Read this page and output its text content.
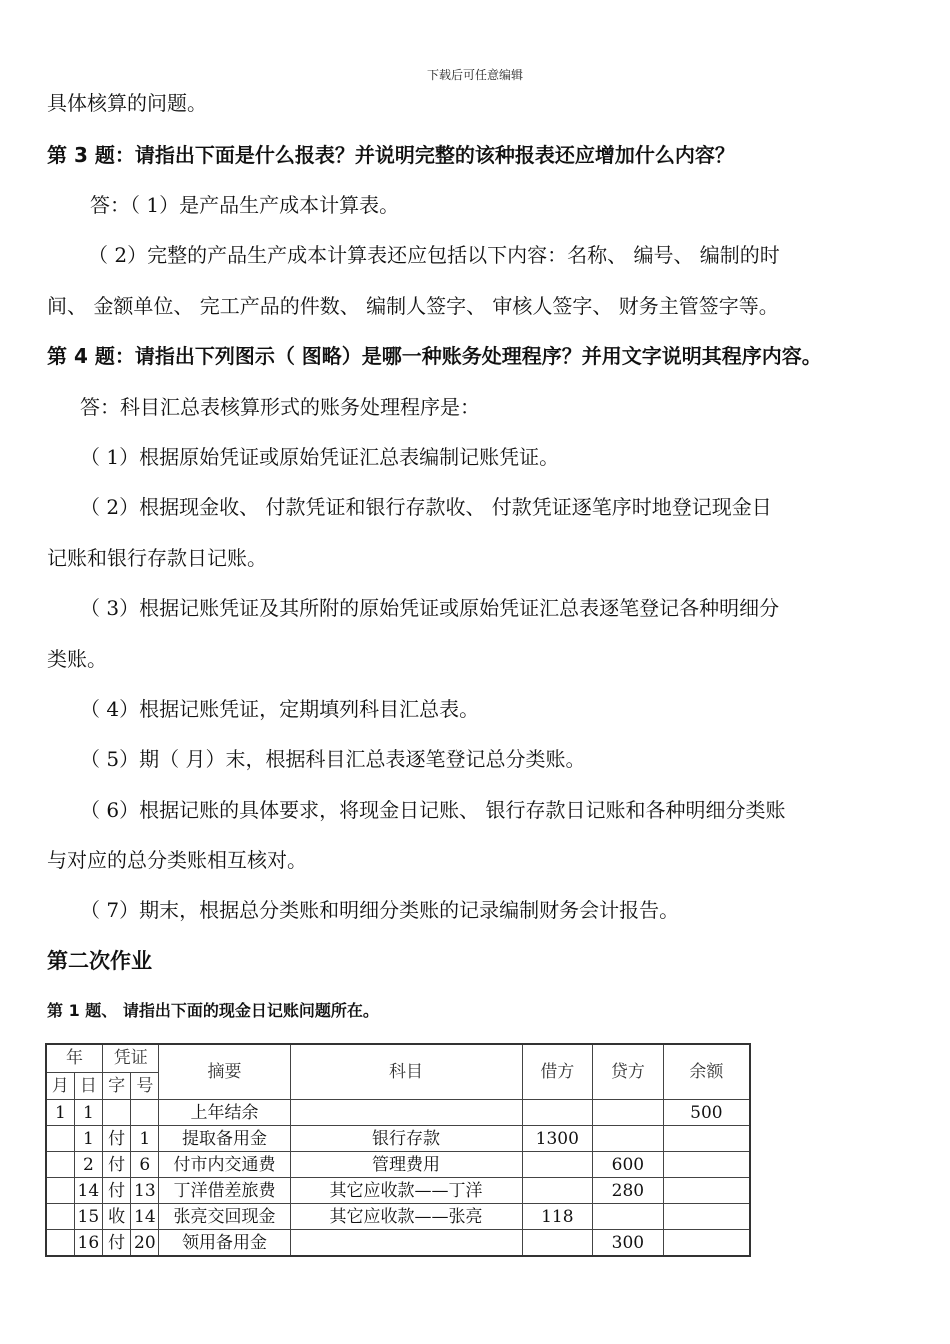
下载后可任意编辑
具体核算的问题。
第 3 题：请指出下面是什么报表？并说明完整的该种报表还应增加什么内容？
答：（ 1）是产品生产成本计算表。
（ 2）完整的产品生产成本计算表还应包括以下内容：名称、 编号、 编制的时
间、 金额单位、 完工产品的件数、 编制人签字、 审核人签字、 财务主管签字等。
第 4 题：请指出下列图示（ 图略）是哪一种账务处理程序？并用文字说明其程序内容。
答：科目汇总表核算形式的账务处理程序是：
（ 1）根据原始凭证或原始凭证汇总表编制记账凭证。
（ 2）根据现金收、 付款凭证和银行存款收、 付款凭证逐笔序时地登记现金日
记账和银行存款日记账。
（ 3）根据记账凭证及其所附的原始凭证或原始凭证汇总表逐笔登记各种明细分
类账。
（ 4）根据记账凭证，定期填列科目汇总表。
（ 5）期（ 月）末，根据科目汇总表逐笔登记总分类账。
（ 6）根据记账的具体要求，将现金日记账、 银行存款日记账和各种明细分类账
与对应的总分类账相互核对。
（ 7）期末，根据总分类账和明细分类账的记录编制财务会计报告。
第二次作业
第 1 题、 请指出下面的现金日记账问题所在。
年		凭证		摘要	科目	借方	贷方	余额
月	日	字	号					
1	1			上年结余				500
	1	付	1	提取备用金	银行存款	1300		
	2	付	6	付市内交通费	管理费用		600	
	14	付	13	丁洋借差旅费	其它应收款——丁洋		280	
	15	收	14	张亮交回现金	其它应收款——张亮	118		
	16	付	20	领用备用金			300	
